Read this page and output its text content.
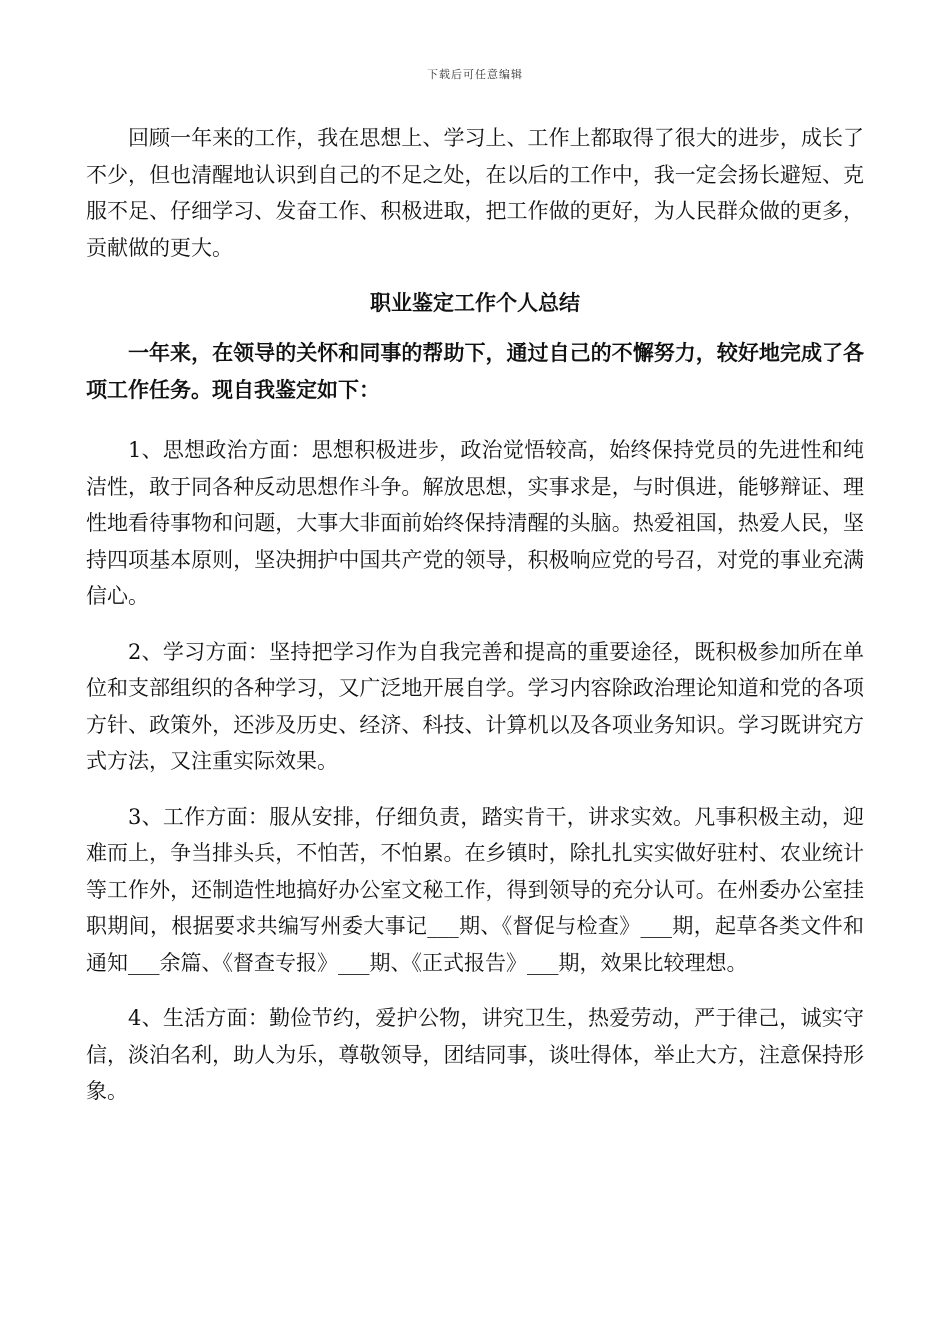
下载后可任意编辑

回顾一年来的工作，我在思想上、学习上、工作上都取得了很大的进步，成长了不少，但也清醒地认识到自己的不足之处，在以后的工作中，我一定会扬长避短、克服不足、仔细学习、发奋工作、积极进取，把工作做的更好，为人民群众做的更多，贡献做的更大。

职业鉴定工作个人总结

一年来，在领导的关怀和同事的帮助下，通过自己的不懈努力，较好地完成了各项工作任务。现自我鉴定如下：

1、思想政治方面：思想积极进步，政治觉悟较高，始终保持党员的先进性和纯洁性，敢于同各种反动思想作斗争。解放思想，实事求是，与时俱进，能够辩证、理性地看待事物和问题，大事大非面前始终保持清醒的头脑。热爱祖国，热爱人民，坚持四项基本原则，坚决拥护中国共产党的领导，积极响应党的号召，对党的事业充满信心。

2、学习方面：坚持把学习作为自我完善和提高的重要途径，既积极参加所在单位和支部组织的各种学习，又广泛地开展自学。学习内容除政治理论知道和党的各项方针、政策外，还涉及历史、经济、科技、计算机以及各项业务知识。学习既讲究方式方法，又注重实际效果。

3、工作方面：服从安排，仔细负责，踏实肯干，讲求实效。凡事积极主动，迎难而上，争当排头兵，不怕苦，不怕累。在乡镇时，除扎扎实实做好驻村、农业统计等工作外，还制造性地搞好办公室文秘工作，得到领导的充分认可。在州委办公室挂职期间，根据要求共编写州委大事记___期、《督促与检查》___期，起草各类文件和通知___余篇、《督查专报》___期、《正式报告》___期，效果比较理想。

4、生活方面：勤俭节约，爱护公物，讲究卫生，热爱劳动，严于律己，诚实守信，淡泊名利，助人为乐，尊敬领导，团结同事，谈吐得体，举止大方，注意保持形象。
